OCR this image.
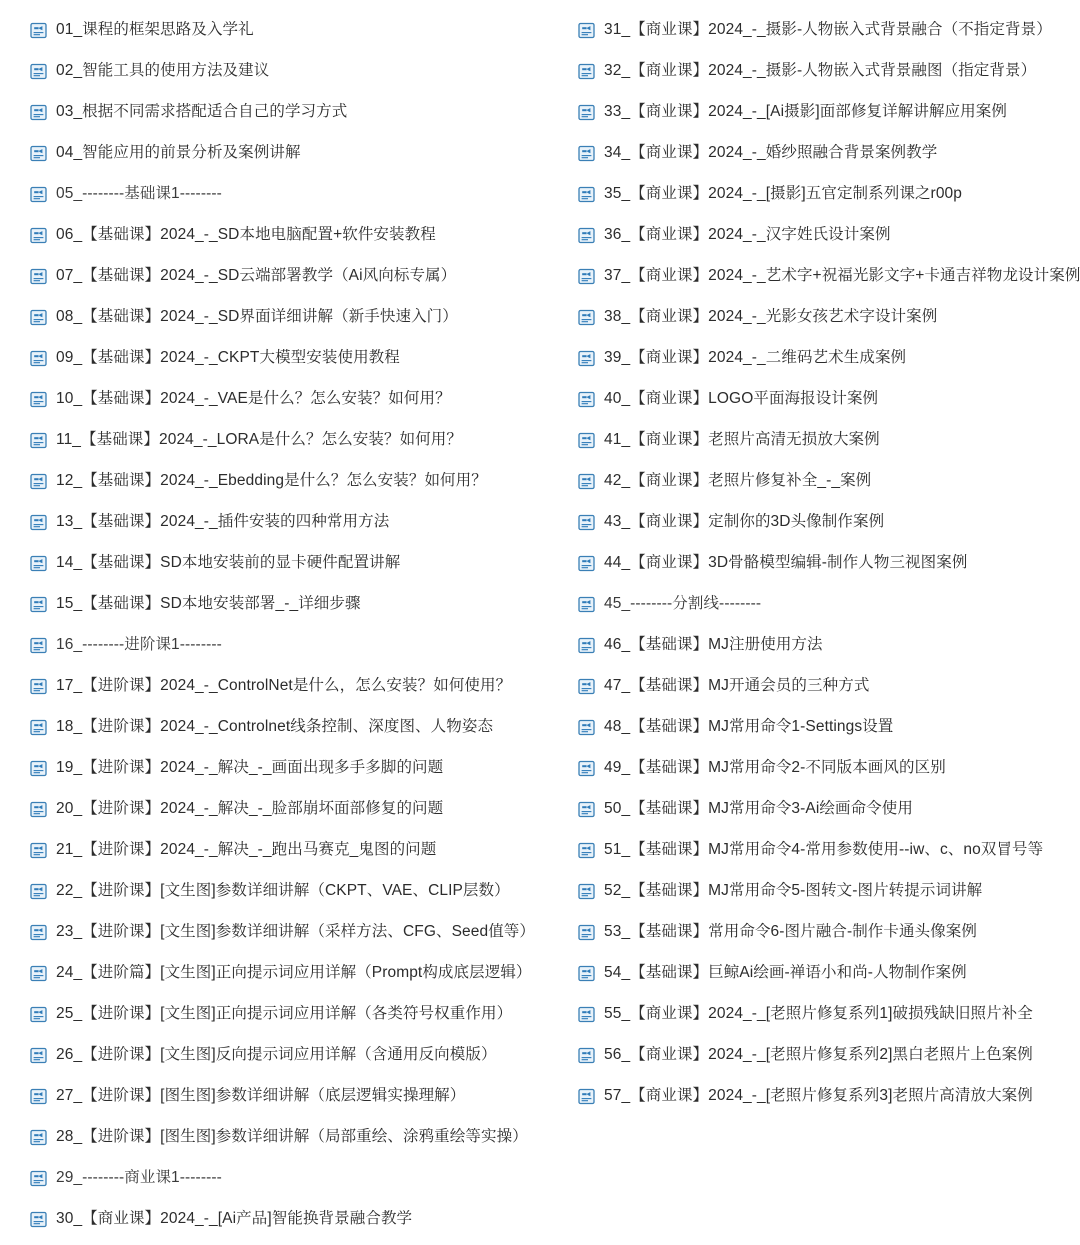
01_课程的框架思路及入学礼
02_智能工具的使用方法及建议
03_根据不同需求搭配适合自己的学习方式
04_智能应用的前景分析及案例讲解
05_--------基础课1--------
06_【基础课】2024_-_SD本地电脑配置+软件安装教程
07_【基础课】2024_-_SD云端部署教学（Ai风向标专属）
08_【基础课】2024_-_SD界面详细讲解（新手快速入门）
09_【基础课】2024_-_CKPT大模型安装使用教程
10_【基础课】2024_-_VAE是什么？怎么安装？如何用？
11_【基础课】2024_-_LORA是什么？怎么安装？如何用？
12_【基础课】2024_-_Ebedding是什么？怎么安装？如何用？
13_【基础课】2024_-_插件安装的四种常用方法
14_【基础课】SD本地安装前的显卡硬件配置讲解
15_【基础课】SD本地安装部署_-_详细步骤
16_--------进阶课1--------
17_【进阶课】2024_-_ControlNet是什么，怎么安装？如何使用？
18_【进阶课】2024_-_Controlnet线条控制、深度图、人物姿态
19_【进阶课】2024_-_解决_-_画面出现多手多脚的问题
20_【进阶课】2024_-_解决_-_脸部崩坏面部修复的问题
21_【进阶课】2024_-_解决_-_跑出马赛克_鬼图的问题
22_【进阶课】[文生图]参数详细讲解（CKPT、VAE、CLIP层数）
23_【进阶课】[文生图]参数详细讲解（采样方法、CFG、Seed值等）
24_【进阶篇】[文生图]正向提示词应用详解（Prompt构成底层逻辑）
25_【进阶课】[文生图]正向提示词应用详解（各类符号权重作用）
26_【进阶课】[文生图]反向提示词应用详解（含通用反向模版）
27_【进阶课】[图生图]参数详细讲解（底层逻辑实操理解）
28_【进阶课】[图生图]参数详细讲解（局部重绘、涂鸦重绘等实操）
29_--------商业课1--------
30_【商业课】2024_-_[Ai产品]智能换背景融合教学
31_【商业课】2024_-_摄影-人物嵌入式背景融合（不指定背景）
32_【商业课】2024_-_摄影-人物嵌入式背景融图（指定背景）
33_【商业课】2024_-_[Ai摄影]面部修复详解讲解应用案例
34_【商业课】2024_-_婚纱照融合背景案例教学
35_【商业课】2024_-_[摄影]五官定制系列课之r00p
36_【商业课】2024_-_汉字姓氏设计案例
37_【商业课】2024_-_艺术字+祝福光影文字+卡通吉祥物龙设计案例
38_【商业课】2024_-_光影女孩艺术字设计案例
39_【商业课】2024_-_二维码艺术生成案例
40_【商业课】LOGO平面海报设计案例
41_【商业课】老照片高清无损放大案例
42_【商业课】老照片修复补全_-_案例
43_【商业课】定制你的3D头像制作案例
44_【商业课】3D骨骼模型编辑-制作人物三视图案例
45_--------分割线--------
46_【基础课】MJ注册使用方法
47_【基础课】MJ开通会员的三种方式
48_【基础课】MJ常用命令1-Settings设置
49_【基础课】MJ常用命令2-不同版本画风的区别
50_【基础课】MJ常用命令3-Ai绘画命令使用
51_【基础课】MJ常用命令4-常用参数使用--iw、c、no双冒号等
52_【基础课】MJ常用命令5-图转文-图片转提示词讲解
53_【基础课】常用命令6-图片融合-制作卡通头像案例
54_【基础课】巨鲸Ai绘画-禅语小和尚-人物制作案例
55_【商业课】2024_-_[老照片修复系列1]破损残缺旧照片补全
56_【商业课】2024_-_[老照片修复系列2]黑白老照片上色案例
57_【商业课】2024_-_[老照片修复系列3]老照片高清放大案例
